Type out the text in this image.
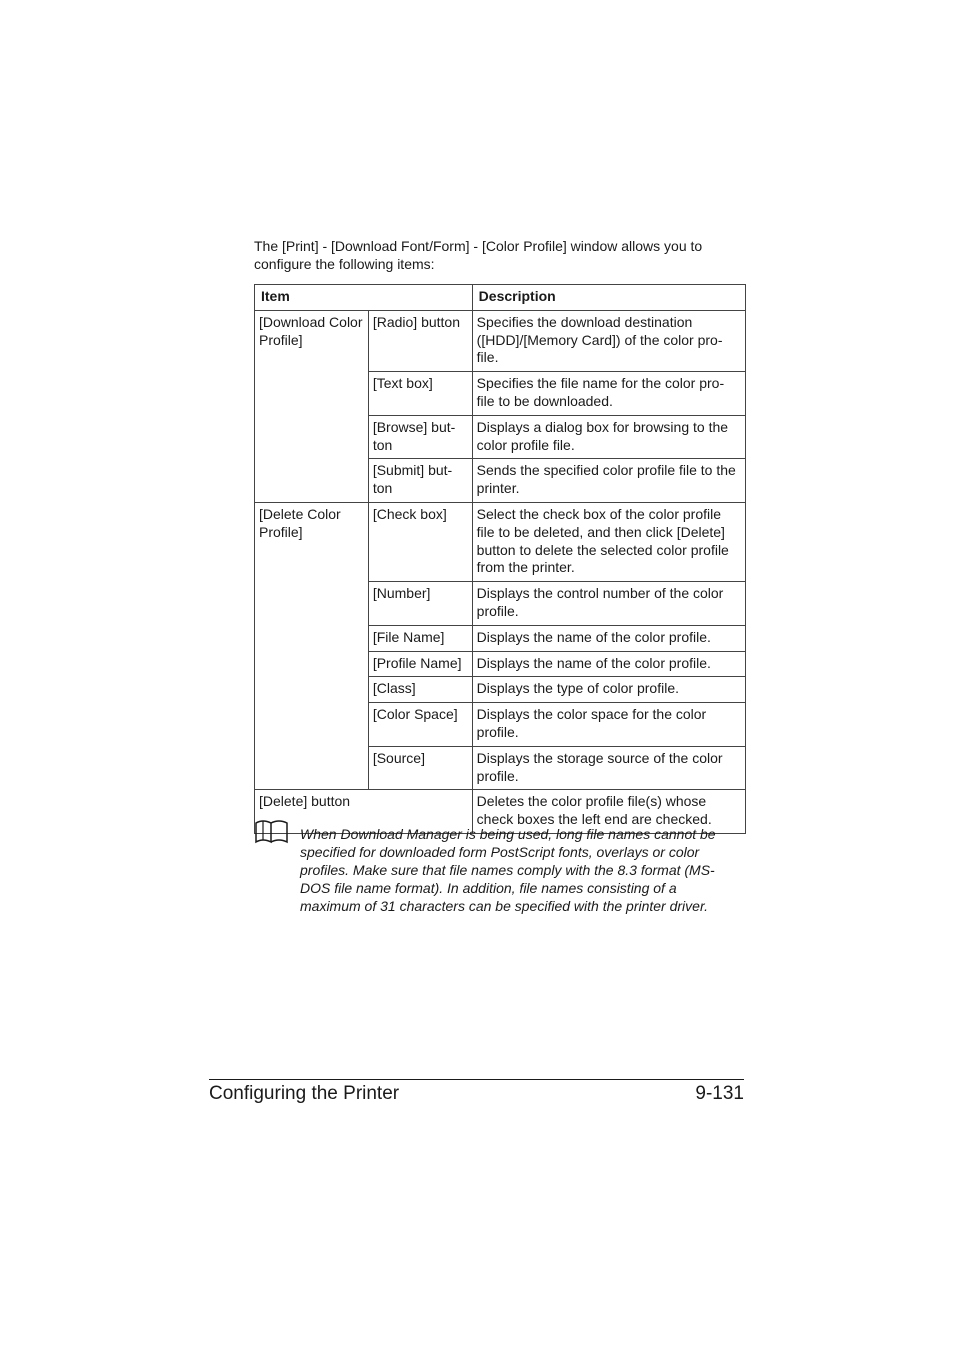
The [Print] - [Download Font/Form] - [Color Profile] window allows you to configure the following items:

Item		Description
[Download Color Profile]	[Radio] button	Specifies the download destination ([HDD]/[Memory Card]) of the color pro-file.
	[Text box]	Specifies the file name for the color pro-file to be downloaded.
	[Browse] but-ton	Displays a dialog box for browsing to the color profile file.
	[Submit] but-ton	Sends the specified color profile file to the printer.
[Delete Color Profile]	[Check box]	Select the check box of the color profile file to be deleted, and then click [Delete] button to delete the selected color profile from the printer.
	[Number]	Displays the control number of the color profile.
	[File Name]	Displays the name of the color profile.
	[Profile Name]	Displays the name of the color profile.
	[Class]	Displays the type of color profile.
	[Color Space]	Displays the color space for the color profile.
	[Source]	Displays the storage source of the color profile.
[Delete] button		Deletes the color profile file(s) whose check boxes the left end are checked.

When Download Manager is being used, long file names cannot be specified for downloaded form PostScript fonts, overlays or color profiles. Make sure that file names comply with the 8.3 format (MS-DOS file name format). In addition, file names consisting of a maximum of 31 characters can be specified with the printer driver.

Configuring the Printer	9-131
